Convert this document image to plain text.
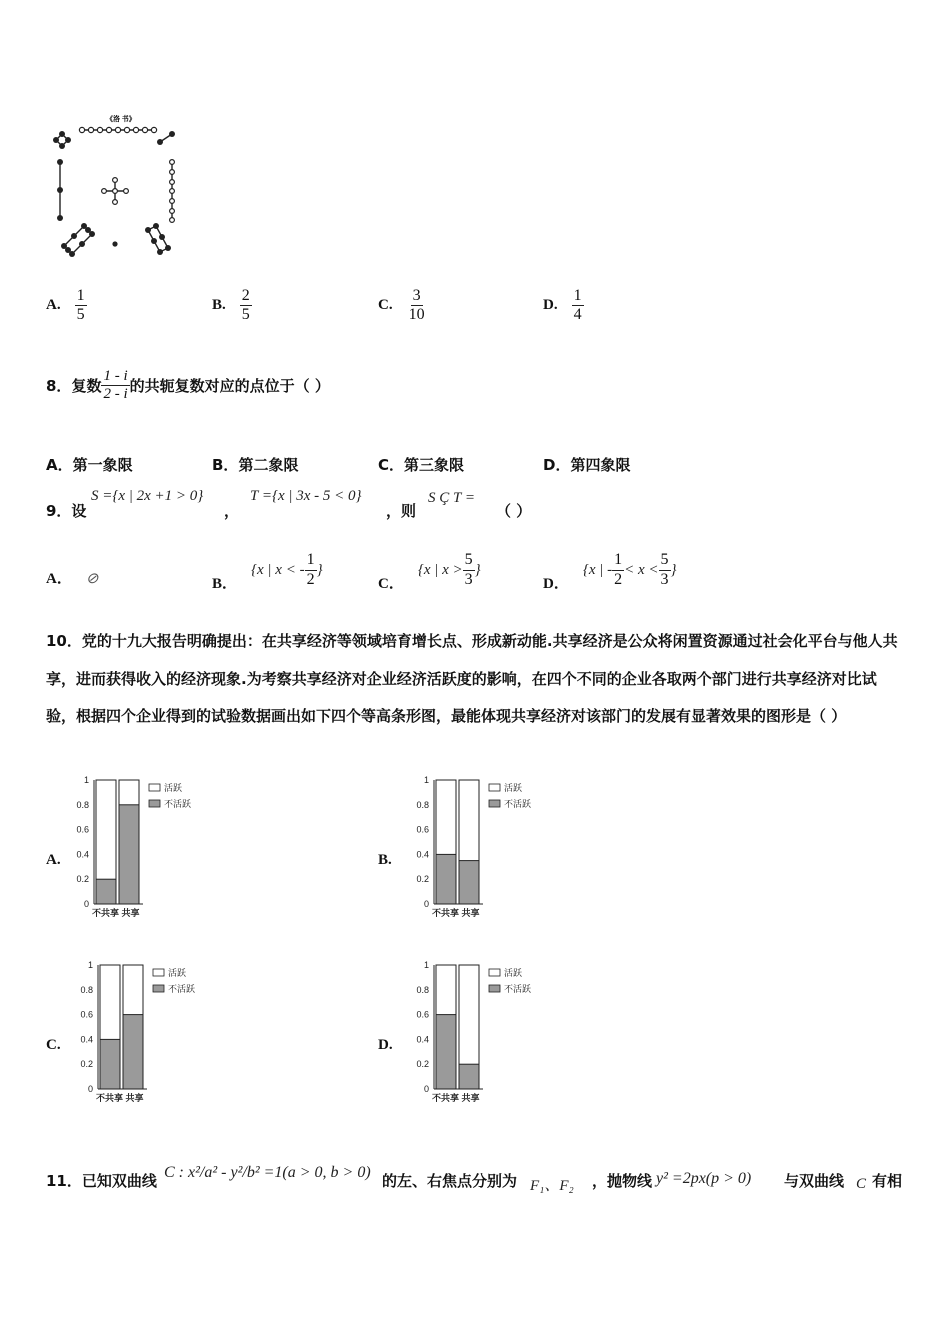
《洛 书》
A. $\frac{1}{5}$	B. $\frac{2}{5}$	C. $\frac{3}{10}$	D. $\frac{1}{4}$
8． 复数 $\frac{1 - i}{2 - i}$ 的共轭复数对应的点位于（ ）
A．第一象限	B．第二象限	C．第三象限	D．第四象限
9．设
S ={x | 2x +1 > 0}
，
T ={x | 3x - 5 < 0}
，则
S Ç T =
（ ）
A． ⊘	B．
{x | x < - $\frac{1}{2}$ }
C．
{x | $x > \frac{5}{3}$ }
D．
{x | - $\frac{1}{2} < x < \frac{5}{3}$ }
10．党的十九大报告明确提出：在共享经济等领域培育增长点、形成新动能.共享经济是公众将闲置资源通过社会化平台与他人共享，进而获得收入的经济现象.为考察共享经济对企业经济活跃度的影响，在四个不同的企业各取两个部门进行共享经济对比试验，根据四个企业得到的试验数据画出如下四个等高条形图，最能体现共享经济对该部门的发展有显著效果的图形是（ ）
A.	B.
C.	D.
0
0.2
0.4
0.6
0.8
1
不共享 共享
活跃
不活跃
0
0.2
0.4
0.6
0.8
1
不共享 共享
活跃
不活跃
0
0.2
0.4
0.6
0.8
1
不共享 共享
活跃
不活跃
0
0.2
0.4
0.6
0.8
1
不共享 共享
活跃
不活跃
11．已知双曲线 C : x²/a² - y²/b² =1(a > 0, b > 0) 的左、右焦点分别为 F₁、F₂ ，抛物线 y² =2px(p > 0) 与双曲线 C 有相
